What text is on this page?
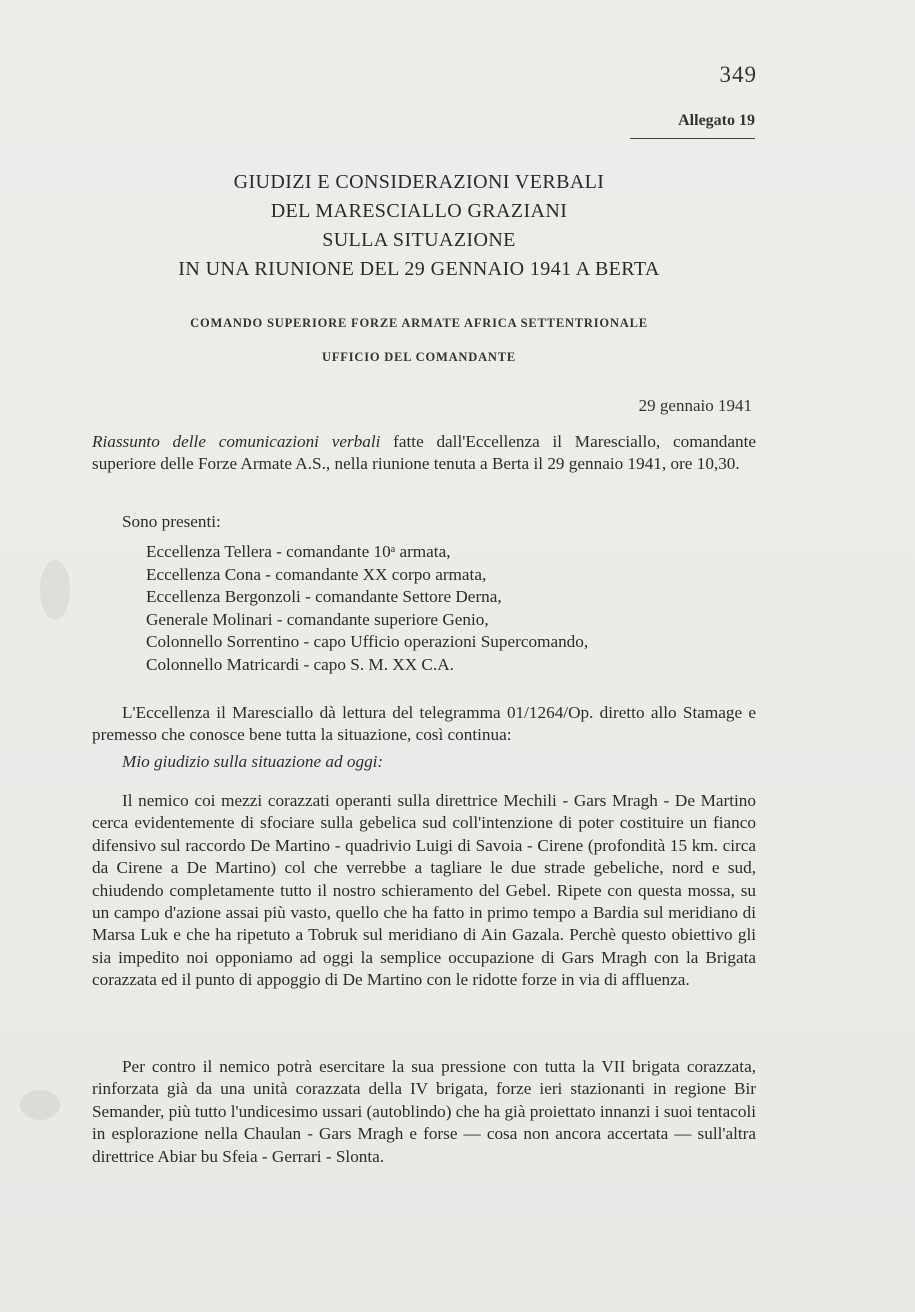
349
Allegato 19
GIUDIZI E CONSIDERAZIONI VERBALI
DEL MARESCIALLO GRAZIANI
SULLA SITUAZIONE
IN UNA RIUNIONE DEL 29 GENNAIO 1941 A BERTA
COMANDO SUPERIORE FORZE ARMATE AFRICA SETTENTRIONALE
UFFICIO DEL COMANDANTE
29 gennaio 1941
Riassunto delle comunicazioni verbali fatte dall'Eccellenza il Maresciallo, comandante superiore delle Forze Armate A.S., nella riunione tenuta a Berta il 29 gennaio 1941, ore 10,30.
Sono presenti:
Eccellenza Tellera - comandante 10$^a$ armata,
Eccellenza Cona - comandante XX corpo armata,
Eccellenza Bergonzoli - comandante Settore Derna,
Generale Molinari - comandante superiore Genio,
Colonnello Sorrentino - capo Ufficio operazioni Supercomando,
Colonnello Matricardi - capo S. M. XX C.A.
L'Eccellenza il Maresciallo dà lettura del telegramma 01/1264/Op. diretto allo Stamage e premesso che conosce bene tutta la situazione, così continua:
Mio giudizio sulla situazione ad oggi:
Il nemico coi mezzi corazzati operanti sulla direttrice Mechili - Gars Mragh - De Martino cerca evidentemente di sfociare sulla gebelica sud coll'intenzione di poter costituire un fianco difensivo sul raccordo De Martino - quadrivio Luigi di Savoia - Cirene (profondità 15 km. circa da Cirene a De Martino) col che verrebbe a tagliare le due strade gebeliche, nord e sud, chiudendo completamente tutto il nostro schieramento del Gebel. Ripete con questa mossa, su un campo d'azione assai più vasto, quello che ha fatto in primo tempo a Bardia sul meridiano di Marsa Luk e che ha ripetuto a Tobruk sul meridiano di Ain Gazala. Perchè questo obiettivo gli sia impedito noi opponiamo ad oggi la semplice occupazione di Gars Mragh con la Brigata corazzata ed il punto di appoggio di De Martino con le ridotte forze in via di affluenza.
Per contro il nemico potrà esercitare la sua pressione con tutta la VII brigata corazzata, rinforzata già da una unità corazzata della IV brigata, forze ieri stazionanti in regione Bir Semander, più tutto l'undicesimo ussari (autoblindo) che ha già proiettato innanzi i suoi tentacoli in esplorazione nella Chaulan - Gars Mragh e forse — cosa non ancora accertata — sull'altra direttrice Abiar bu Sfeia - Gerrari - Slonta.
